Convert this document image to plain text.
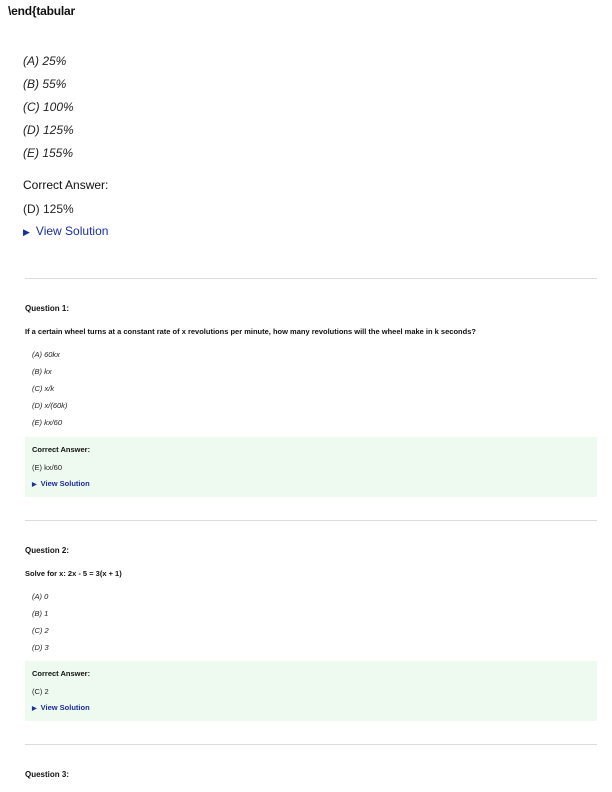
\end{tabular
(A) 25%
(B) 55%
(C) 100%
(D) 125%
(E) 155%
Correct Answer:
(D) 125%
▶ View Solution
Question 1:
If a certain wheel turns at a constant rate of x revolutions per minute, how many revolutions will the wheel make in k seconds?
(A) 60kx
(B) kx
(C) x/k
(D) x/(60k)
(E) kx/60
Correct Answer:
(E) kx/60
▶ View Solution
Question 2:
Solve for x: 2x - 5 = 3(x + 1)
(A) 0
(B) 1
(C) 2
(D) 3
Correct Answer:
(C) 2
▶ View Solution
Question 3:
